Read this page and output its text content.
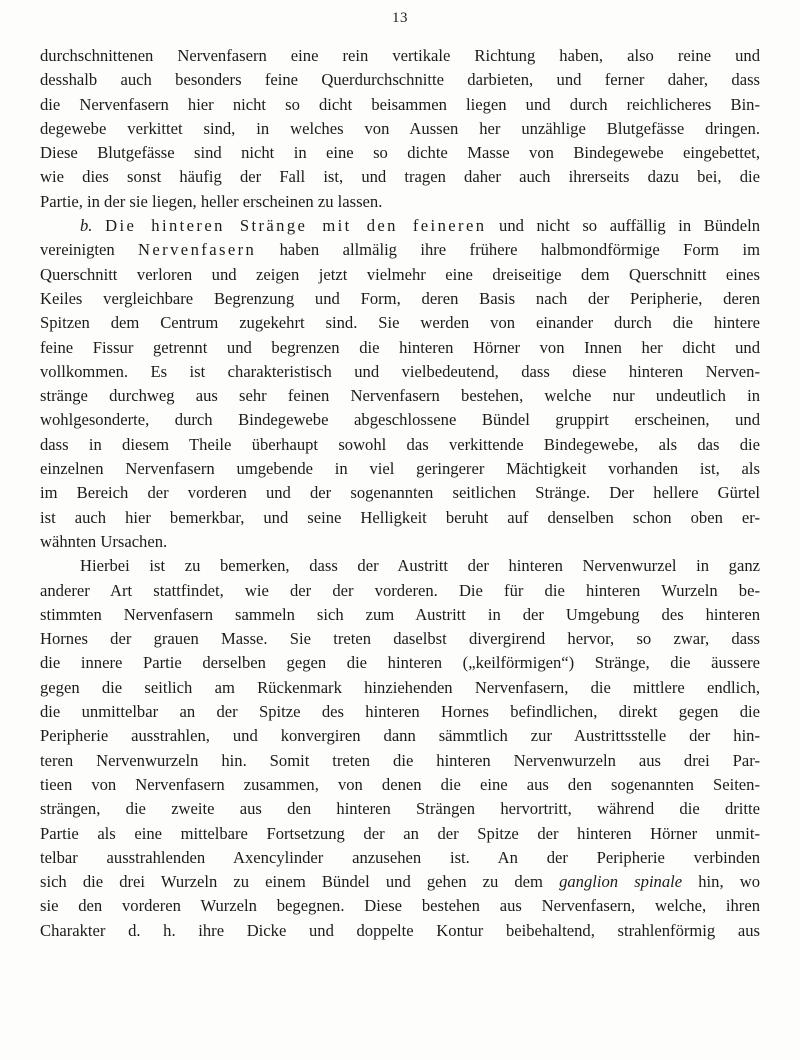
13
durchschnittenen Nervenfasern eine rein vertikale Richtung haben, also reine und
desshalb auch besonders feine Querdurchschnitte darbieten, und ferner daher, dass
die Nervenfasern hier nicht so dicht beisammen liegen und durch reichlicheres Bin-
degewebe verkittet sind, in welches von Aussen her unzählige Blutgefässe dringen.
Diese Blutgefässe sind nicht in eine so dichte Masse von Bindegewebe eingebettet,
wie dies sonst häufig der Fall ist, und tragen daher auch ihrerseits dazu bei, die
Partie, in der sie liegen, heller erscheinen zu lassen.
b. Die hinteren Stränge mit den feineren und nicht so auffällig in Bündeln
vereinigten Nervenfasern haben allmälig ihre frühere halbmondförmige Form im
Querschnitt verloren und zeigen jetzt vielmehr eine dreiseitige dem Querschnitt eines
Keiles vergleichbare Begrenzung und Form, deren Basis nach der Peripherie, deren
Spitzen dem Centrum zugekehrt sind. Sie werden von einander durch die hintere
feine Fissur getrennt und begrenzen die hinteren Hörner von Innen her dicht und
vollkommen. Es ist charakteristisch und vielbedeutend, dass diese hinteren Nerven-
stränge durchweg aus sehr feinen Nervenfasern bestehen, welche nur undeutlich in
wohlgesonderte, durch Bindegewebe abgeschlossene Bündel gruppirt erscheinen, und
dass in diesem Theile überhaupt sowohl das verkittende Bindegewebe, als das die
einzelnen Nervenfasern umgebende in viel geringerer Mächtigkeit vorhanden ist, als
im Bereich der vorderen und der sogenannten seitlichen Stränge. Der hellere Gürtel
ist auch hier bemerkbar, und seine Helligkeit beruht auf denselben schon oben er-
wähnten Ursachen.
Hierbei ist zu bemerken, dass der Austritt der hinteren Nervenwurzel in ganz
anderer Art stattfindet, wie der der vorderen. Die für die hinteren Wurzeln be-
stimmten Nervenfasern sammeln sich zum Austritt in der Umgebung des hinteren
Hornes der grauen Masse. Sie treten daselbst divergirend hervor, so zwar, dass
die innere Partie derselben gegen die hinteren („keilförmigen“) Stränge, die äussere
gegen die seitlich am Rückenmark hinziehenden Nervenfasern, die mittlere endlich,
die unmittelbar an der Spitze des hinteren Hornes befindlichen, direkt gegen die
Peripherie ausstrahlen, und konvergiren dann sämmtlich zur Austrittsstelle der hin-
teren Nervenwurzeln hin. Somit treten die hinteren Nervenwurzeln aus drei Par-
tieen von Nervenfasern zusammen, von denen die eine aus den sogenannten Seiten-
strängen, die zweite aus den hinteren Strängen hervortritt, während die dritte
Partie als eine mittelbare Fortsetzung der an der Spitze der hinteren Hörner unmit-
telbar ausstrahlenden Axencylinder anzusehen ist. An der Peripherie verbinden
sich die drei Wurzeln zu einem Bündel und gehen zu dem ganglion spinale hin, wo
sie den vorderen Wurzeln begegnen. Diese bestehen aus Nervenfasern, welche, ihren
Charakter d. h. ihre Dicke und doppelte Kontur beibehaltend, strahlenförmig aus
